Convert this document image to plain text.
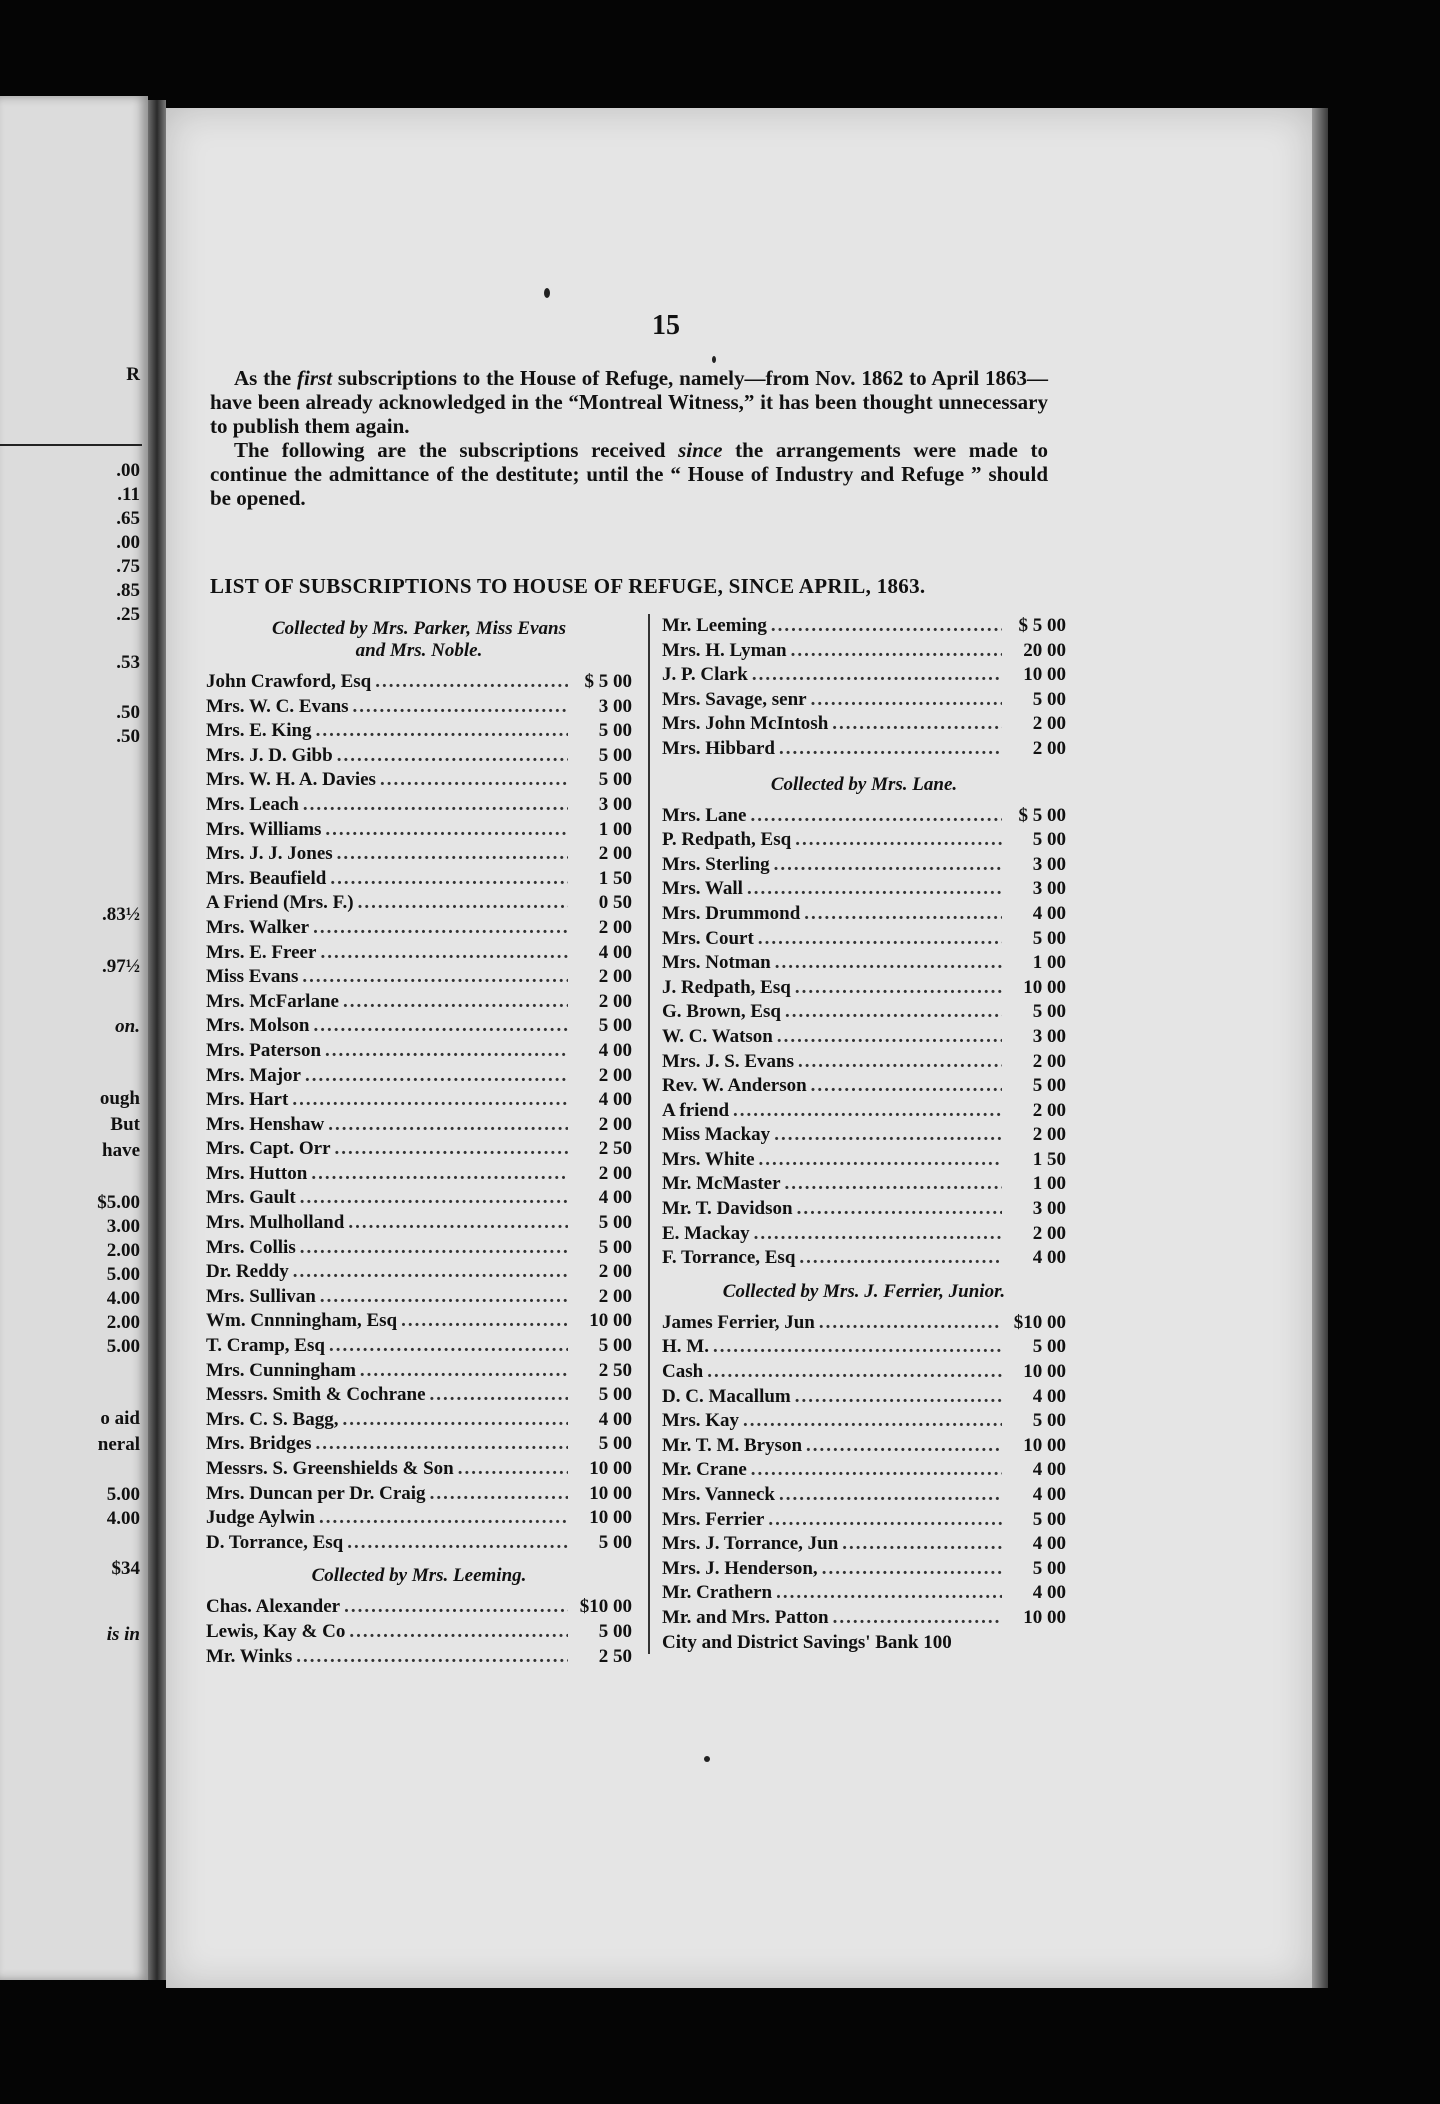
R
.00
.11
.65
.00
.75
.85
.25
.53
.50
.50
.83½
.97½
on.
ough
But
have
$5.00
3.00
2.00
5.00
4.00
2.00
5.00
o aid
neral
5.00
4.00
$34
is in
15

As the first subscriptions to the House of Refuge, namely—from Nov. 1862 to April 1863—have been already acknowledged in the “Montreal Witness,” it has been thought unnecessary to publish them again.

The following are the subscriptions received since the arrangements were made to continue the admittance of the destitute; until the “ House of Industry and Refuge ” should be opened.

LIST OF SUBSCRIPTIONS TO HOUSE OF REFUGE, SINCE APRIL, 1863.
Collected by Mrs. Parker, Miss Evans
and Mrs. Noble.
John Crawford, Esq .....	$ 5 00
Mrs. W. C. Evans .....	3 00
Mrs. E. King .....	5 00
Mrs. J. D. Gibb .....	5 00
Mrs. W. H. A. Davies .....	5 00
Mrs. Leach .....	3 00
Mrs. Williams .....	1 00
Mrs. J. J. Jones .....	2 00
Mrs. Beaufield .....	1 50
A Friend (Mrs. F.) .....	0 50
Mrs. Walker .....	2 00
Mrs. E. Freer .....	4 00
Miss Evans .....	2 00
Mrs. McFarlane .....	2 00
Mrs. Molson .....	5 00
Mrs. Paterson .....	4 00
Mrs. Major .....	2 00
Mrs. Hart .....	4 00
Mrs. Henshaw .....	2 00
Mrs. Capt. Orr .....	2 50
Mrs. Hutton .....	2 00
Mrs. Gault .....	4 00
Mrs. Mulholland .....	5 00
Mrs. Collis .....	5 00
Dr. Reddy .....	2 00
Mrs. Sullivan .....	2 00
Wm. Cnnningham, Esq .....	10 00
T. Cramp, Esq .....	5 00
Mrs. Cunningham .....	2 50
Messrs. Smith & Cochrane .....	5 00
Mrs. C. S. Bagg, .....	4 00
Mrs. Bridges .....	5 00
Messrs. S. Greenshields & Son .....	10 00
Mrs. Duncan per Dr. Craig .....	10 00
Judge Aylwin .....	10 00
D. Torrance, Esq .....	5 00
Collected by Mrs. Leeming.
Chas. Alexander .....	$10 00
Lewis, Kay & Co .....	5 00
Mr. Winks .....	2 50
Mr. Leeming .....	$ 5 00
Mrs. H. Lyman .....	20 00
J. P. Clark .....	10 00
Mrs. Savage, senr .....	5 00
Mrs. John McIntosh .....	2 00
Mrs. Hibbard .....	2 00
Collected by Mrs. Lane.
Mrs. Lane .....	$ 5 00
P. Redpath, Esq .....	5 00
Mrs. Sterling .....	3 00
Mrs. Wall .....	3 00
Mrs. Drummond .....	4 00
Mrs. Court .....	5 00
Mrs. Notman .....	1 00
J. Redpath, Esq .....	10 00
G. Brown, Esq .....	5 00
W. C. Watson .....	3 00
Mrs. J. S. Evans .....	2 00
Rev. W. Anderson .....	5 00
A friend .....	2 00
Miss Mackay .....	2 00
Mrs. White .....	1 50
Mr. McMaster .....	1 00
Mr. T. Davidson .....	3 00
E. Mackay .....	2 00
F. Torrance, Esq .....	4 00
Collected by Mrs. J. Ferrier, Junior.
James Ferrier, Jun .....	$10 00
H. M. .....	5 00
Cash .....	10 00
D. C. Macallum .....	4 00
Mrs. Kay .....	5 00
Mr. T. M. Bryson .....	10 00
Mr. Crane .....	4 00
Mrs. Vanneck .....	4 00
Mrs. Ferrier .....	5 00
Mrs. J. Torrance, Jun .....	4 00
Mrs. J. Henderson, .....	5 00
Mr. Crathern .....	4 00
Mr. and Mrs. Patton .....	10 00
City and District Savings' Bank 100
